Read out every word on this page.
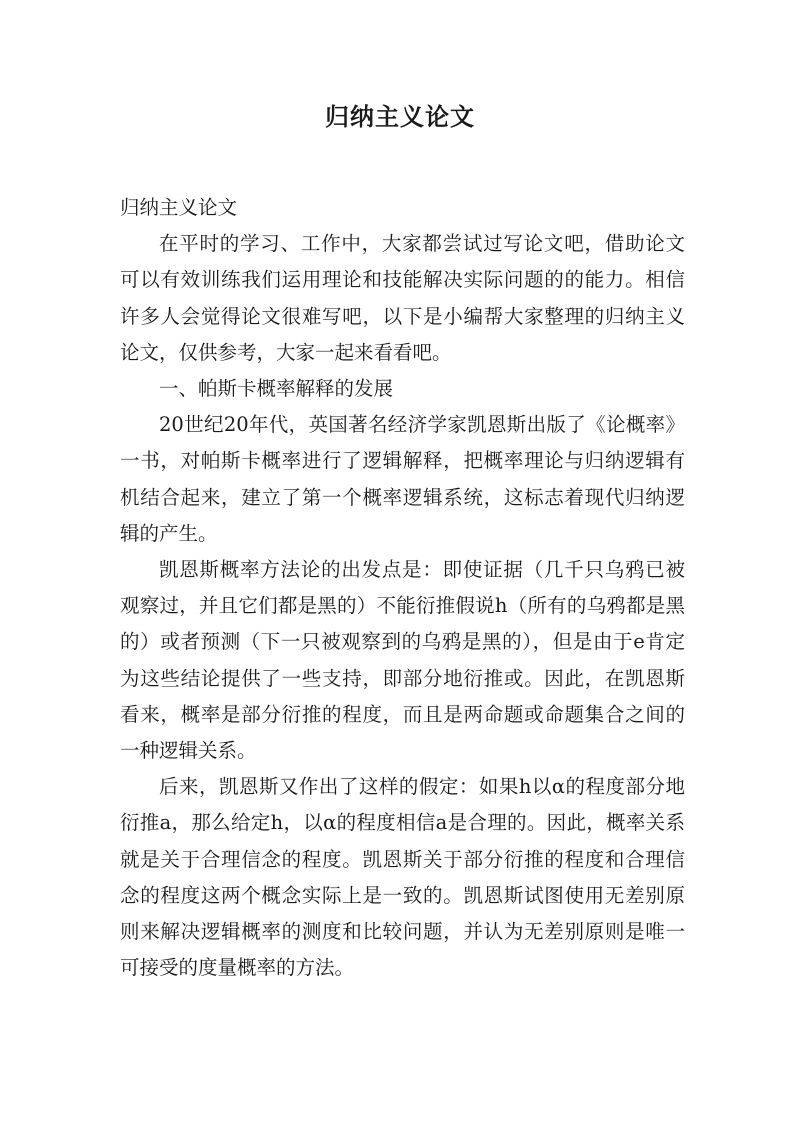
归纳主义论文

归纳主义论文

在平时的学习、工作中，大家都尝试过写论文吧，借助论文可以有效训练我们运用理论和技能解决实际问题的的能力。相信许多人会觉得论文很难写吧，以下是小编帮大家整理的归纳主义论文，仅供参考，大家一起来看看吧。

一、帕斯卡概率解释的发展

20世纪20年代，英国著名经济学家凯恩斯出版了《论概率》一书，对帕斯卡概率进行了逻辑解释，把概率理论与归纳逻辑有机结合起来，建立了第一个概率逻辑系统，这标志着现代归纳逻辑的产生。

凯恩斯概率方法论的出发点是：即使证据（几千只乌鸦已被观察过，并且它们都是黑的）不能衍推假说h（所有的乌鸦都是黑的）或者预测（下一只被观察到的乌鸦是黑的），但是由于e肯定为这些结论提供了一些支持，即部分地衍推或。因此，在凯恩斯看来，概率是部分衍推的程度，而且是两命题或命题集合之间的一种逻辑关系。

后来，凯恩斯又作出了这样的假定：如果h以α的程度部分地衍推a，那么给定h，以α的程度相信a是合理的。因此，概率关系就是关于合理信念的程度。凯恩斯关于部分衍推的程度和合理信念的程度这两个概念实际上是一致的。凯恩斯试图使用无差别原则来解决逻辑概率的测度和比较问题，并认为无差别原则是唯一可接受的度量概率的方法。
